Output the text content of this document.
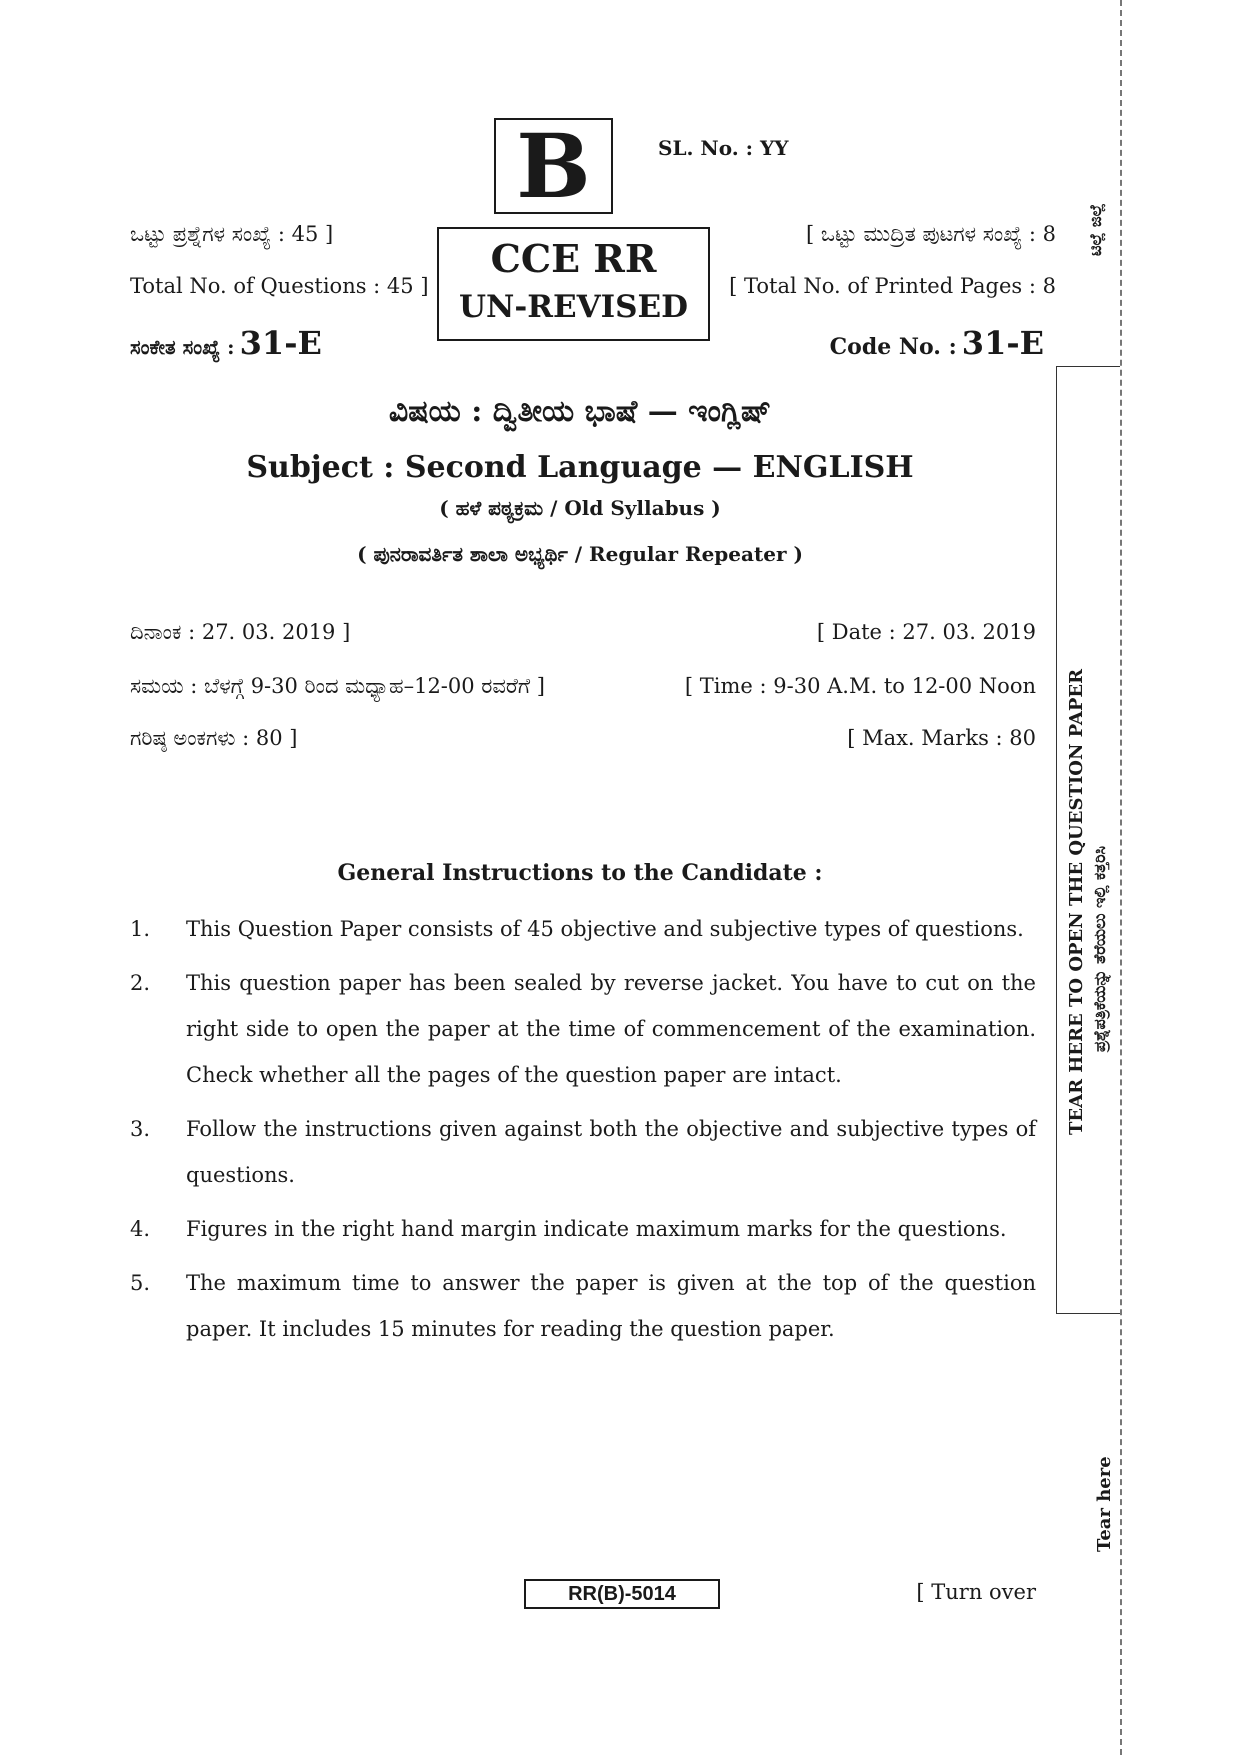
B	SL. No. : YY
CCE RR
UN-REVISED
ಒಟ್ಟು ಪ್ರಶ್ನೆಗಳ ಸಂಖ್ಯೆ : 45 ]
Total No. of Questions : 45 ]
ಸಂಕೇತ ಸಂಖ್ಯೆ : 31-E
[ ಒಟ್ಟು ಮುದ್ರಿತ ಪುಟಗಳ ಸಂಖ್ಯೆ : 8
[ Total No. of Printed Pages : 8
Code No. : 31-E
ವಿಷಯ : ದ್ವಿತೀಯ ಭಾಷೆ — ಇಂಗ್ಲಿಷ್
Subject : Second Language — ENGLISH
( ಹಳೆ ಪಠ್ಯಕ್ರಮ / Old Syllabus )
( ಪುನರಾವರ್ತಿತ ಶಾಲಾ ಅಭ್ಯರ್ಥಿ / Regular Repeater )
ದಿನಾಂಕ : 27. 03. 2019 ]	[ Date : 27. 03. 2019
ಸಮಯ : ಬೆಳಗ್ಗೆ 9-30 ರಿಂದ ಮಧ್ಯಾಹ–12-00 ರವರೆಗೆ ]	[ Time : 9-30 A.M. to 12-00 Noon
ಗರಿಷ್ಠ ಅಂಕಗಳು : 80 ]	[ Max. Marks : 80
General Instructions to the Candidate :
1.	This Question Paper consists of 45 objective and subjective types of questions.
2.	This question paper has been sealed by reverse jacket. You have to cut on the right side to open the paper at the time of commencement of the examination. Check whether all the pages of the question paper are intact.
3.	Follow the instructions given against both the objective and subjective types of questions.
4.	Figures in the right hand margin indicate maximum marks for the questions.
5.	The maximum time to answer the paper is given at the top of the question paper. It includes 15 minutes for reading the question paper.
RR(B)-5014	[ Turn over
ಟಿಲ್ಲೆ ಜಿಲ್ಲೆ
TEAR HERE TO OPEN THE QUESTION PAPER ಪ್ರಶ್ನೆಪತ್ರಿಕೆಯನ್ನು ತೆರೆಯಲು ಇಲ್ಲಿ ಕತ್ತರಿಸಿ
Tear here
